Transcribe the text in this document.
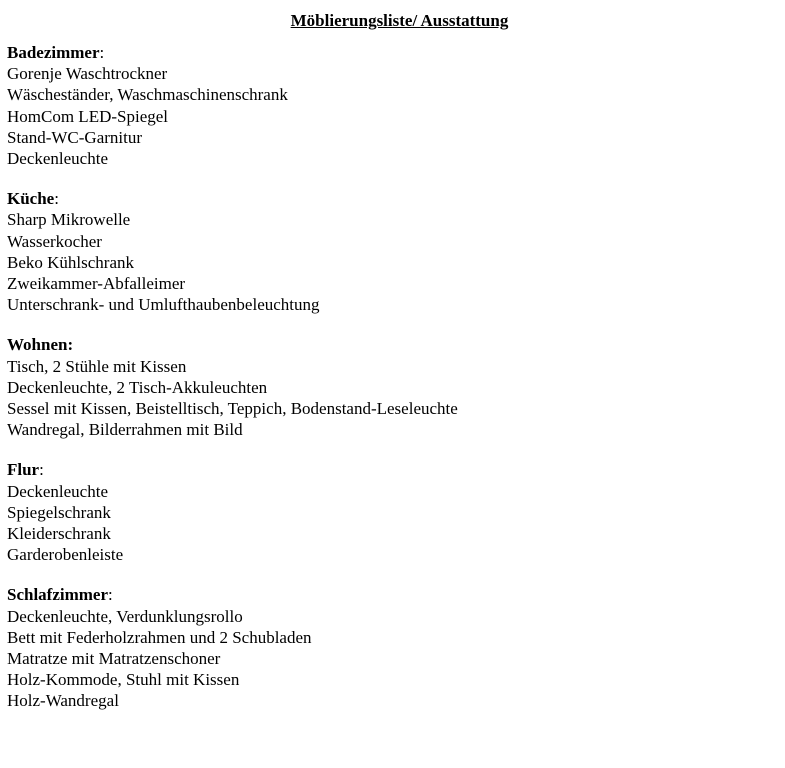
Möblierungsliste/ Ausstattung

Badezimmer:

Gorenje Waschtrockner

Wäscheständer, Waschmaschinenschrank

HomCom LED-Spiegel

Stand-WC-Garnitur

Deckenleuchte

Küche:

Sharp Mikrowelle

Wasserkocher

Beko Kühlschrank

Zweikammer-Abfalleimer

Unterschrank- und Umlufthaubenbeleuchtung

Wohnen:

Tisch, 2 Stühle mit Kissen

Deckenleuchte, 2 Tisch-Akkuleuchten

Sessel mit Kissen, Beistelltisch, Teppich, Bodenstand-Leseleuchte

Wandregal, Bilderrahmen mit Bild

Flur:

Deckenleuchte

Spiegelschrank

Kleiderschrank

Garderobenleiste

Schlafzimmer:

Deckenleuchte, Verdunklungsrollo

Bett mit Federholzrahmen und 2 Schubladen

Matratze mit Matratzenschoner

Holz-Kommode, Stuhl mit Kissen

Holz-Wandregal
